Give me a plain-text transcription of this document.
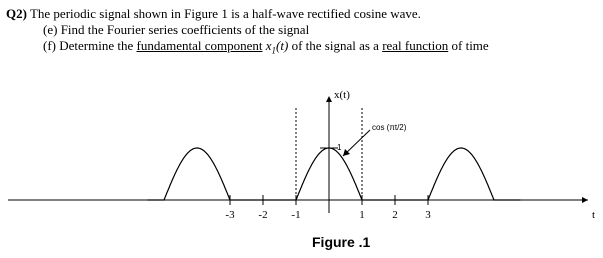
Q2) The periodic signal shown in Figure 1 is a half-wave rectified cosine wave.
(e) Find the Fourier series coefficients of the signal
(f) Determine the fundamental component $x_1(t)$ of the signal as a real function of time
-3 -2 -1	1	2	3
x(t)
t
cos (πt/2)
1
Figure .1
